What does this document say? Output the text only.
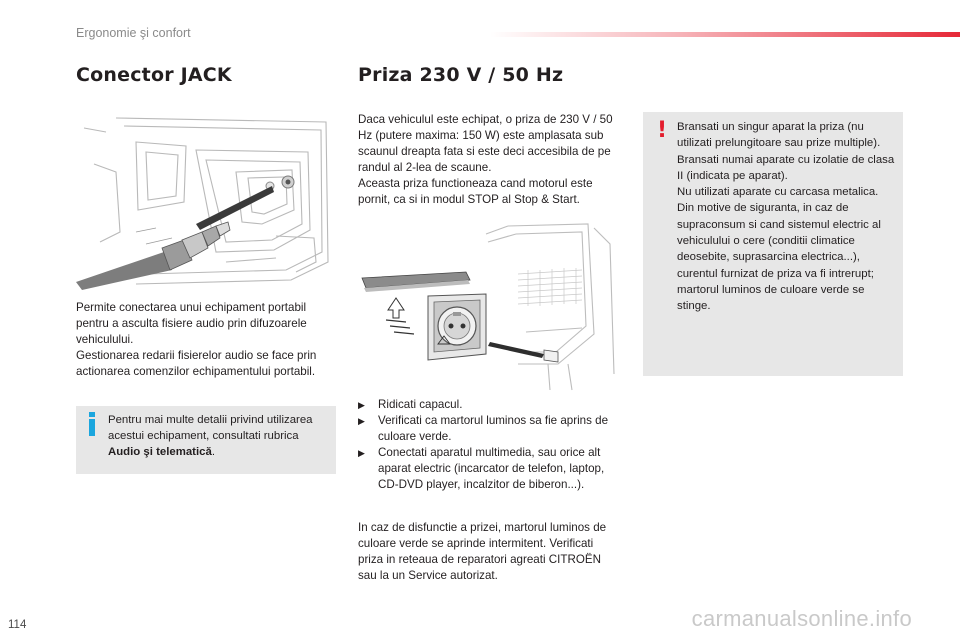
Ergonomie şi confort
Conector JACK	Priza 230 V / 50 Hz

Permite conectarea unui echipament portabil pentru a asculta fisiere audio prin difuzoarele vehiculului.

Gestionarea redarii fisierelor audio se face prin actionarea comenzilor echipamentului portabil.

Pentru mai multe detalii privind utilizarea acestui echipament, consultati rubrica Audio şi telematică.

Daca vehiculul este echipat, o priza de 230 V / 50 Hz (putere maxima: 150 W) este amplasata sub scaunul dreapta fata si este deci accesibila de pe randul al 2-lea de scaune.

Aceasta priza functioneaza cand motorul este pornit, ca si in modul STOP al Stop & Start.

▶ Ridicati capacul.
▶ Verificati ca martorul luminos sa fie aprins de culoare verde.
▶ Conectati aparatul multimedia, sau orice alt aparat electric (incarcator de telefon, laptop, CD-DVD player, incalzitor de biberon...).
In caz de disfunctie a prizei, martorul luminos de culoare verde se aprinde intermitent. Verificati priza in reteaua de reparatori agreati CITROËN sau la un Service autorizat.
! Bransati un singur aparat la priza (nu utilizati prelungitoare sau prize multiple).

Bransati numai aparate cu izolatie de clasa II (indicata pe aparat).

Nu utilizati aparate cu carcasa metalica.

Din motive de siguranta, in caz de supraconsum si cand sistemul electric al vehiculului o cere (conditii climatice deosebite, suprasarcina electrica...), curentul furnizat de priza va fi intrerupt; martorul luminos de culoare verde se stinge.

114	carmanualsonline.info
